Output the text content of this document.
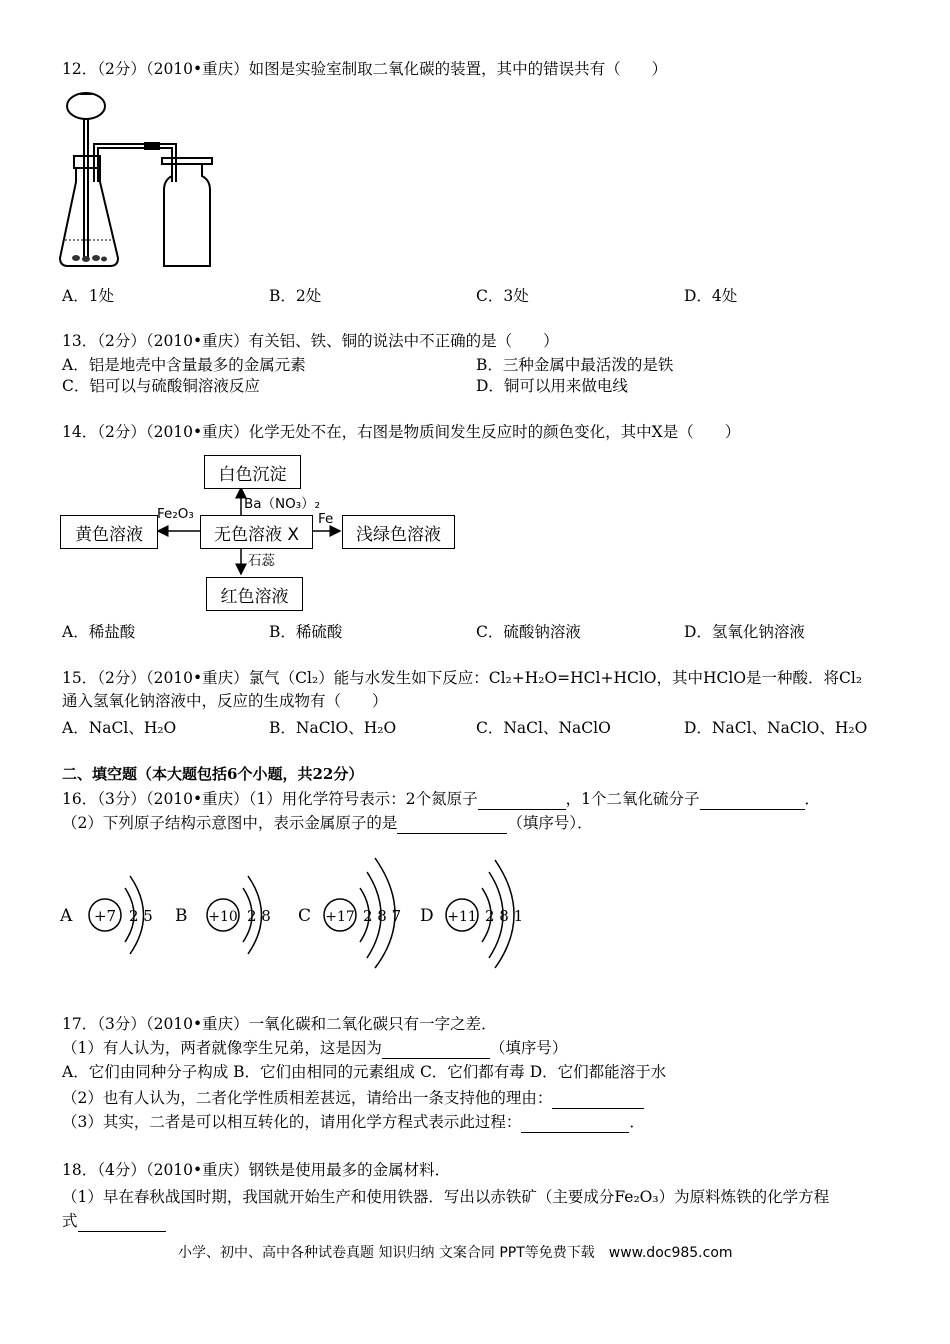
12．（2分）（2010•重庆）如图是实验室制取二氧化碳的装置，其中的错误共有（　　）
A．1处	B．2处	C．3处	D．4处
13．（2分）（2010•重庆）有关铝、铁、铜的说法中不正确的是（　　）
A．铝是地壳中含量最多的金属元素	B．三种金属中最活泼的是铁
C．铝可以与硫酸铜溶液反应	D．铜可以用来做电线
14．（2分）（2010•重庆）化学无处不在，右图是物质间发生反应时的颜色变化，其中X是（　　）
白色沉淀
无色溶液 X
黄色溶液	浅绿色溶液
红色溶液
Ba（NO₃）₂
Fe₂O₃	Fe
石蕊
A．稀盐酸	B．稀硫酸	C．硫酸钠溶液	D．氢氧化钠溶液
15．（2分）（2010•重庆）氯气（Cl₂）能与水发生如下反应：Cl₂+H₂O=HCl+HClO，其中HClO是一种酸．将Cl₂
通入氢氧化钠溶液中，反应的生成物有（　　）
A．NaCl、H₂O	B．NaClO、H₂O	C．NaCl、NaClO	D．NaCl、NaClO、H₂O
二、填空题（本大题包括6个小题，共22分）
16．（3分）（2010•重庆）（1）用化学符号表示：2个氮原子	，1个二氧化硫分子	．
（2）下列原子结构示意图中，表示金属原子的是	（填序号）．
A +7 2 5 B +10 2 8 C +17 2 8 7 D +11 2 8 1
17．（3分）（2010•重庆）一氧化碳和二氧化碳只有一字之差．
（1）有人认为，两者就像孪生兄弟，这是因为	（填序号）
A．它们由同种分子构成 B．它们由相同的元素组成 C．它们都有毒 D．它们都能溶于水
（2）也有人认为，二者化学性质相差甚远，请给出一条支持他的理由：
（3）其实，二者是可以相互转化的，请用化学方程式表示此过程：	．
18．（4分）（2010•重庆）钢铁是使用最多的金属材料．
（1）早在春秋战国时期，我国就开始生产和使用铁器．写出以赤铁矿（主要成分Fe₂O₃）为原料炼铁的化学方程
式
小学、初中、高中各种试卷真题 知识归纳 文案合同 PPT等免费下载　www.doc985.com
